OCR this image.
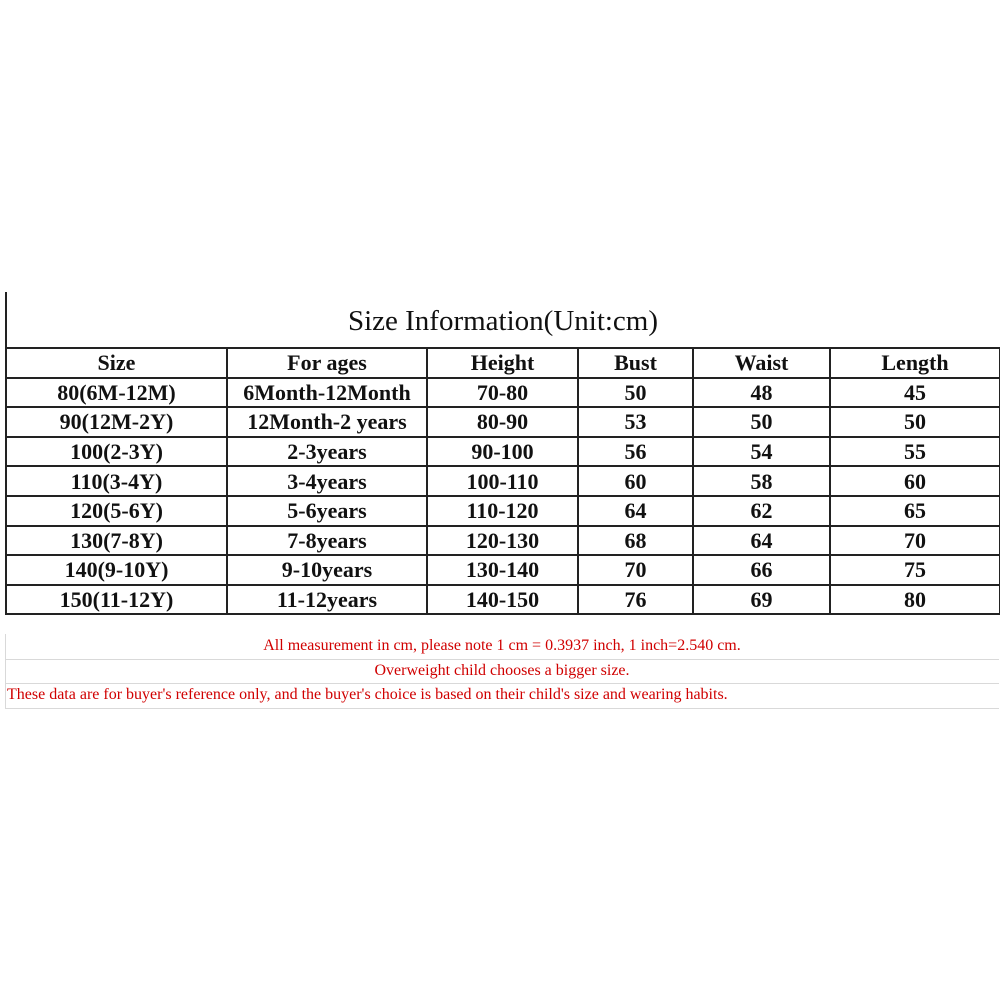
Size Information(Unit:cm)
Size	For ages	Height	Bust	Waist	Length
80(6M-12M)	6Month-12Month	70-80	50	48	45
90(12M-2Y)	12Month-2 years	80-90	53	50	50
100(2-3Y)	2-3years	90-100	56	54	55
110(3-4Y)	3-4years	100-110	60	58	60
120(5-6Y)	5-6years	110-120	64	62	65
130(7-8Y)	7-8years	120-130	68	64	70
140(9-10Y)	9-10years	130-140	70	66	75
150(11-12Y)	11-12years	140-150	76	69	80
All measurement in cm, please note 1 cm = 0.3937 inch, 1 inch=2.540 cm.
Overweight child chooses a bigger size.
These data are for buyer's reference only, and the buyer's choice is based on their child's size and wearing habits.
